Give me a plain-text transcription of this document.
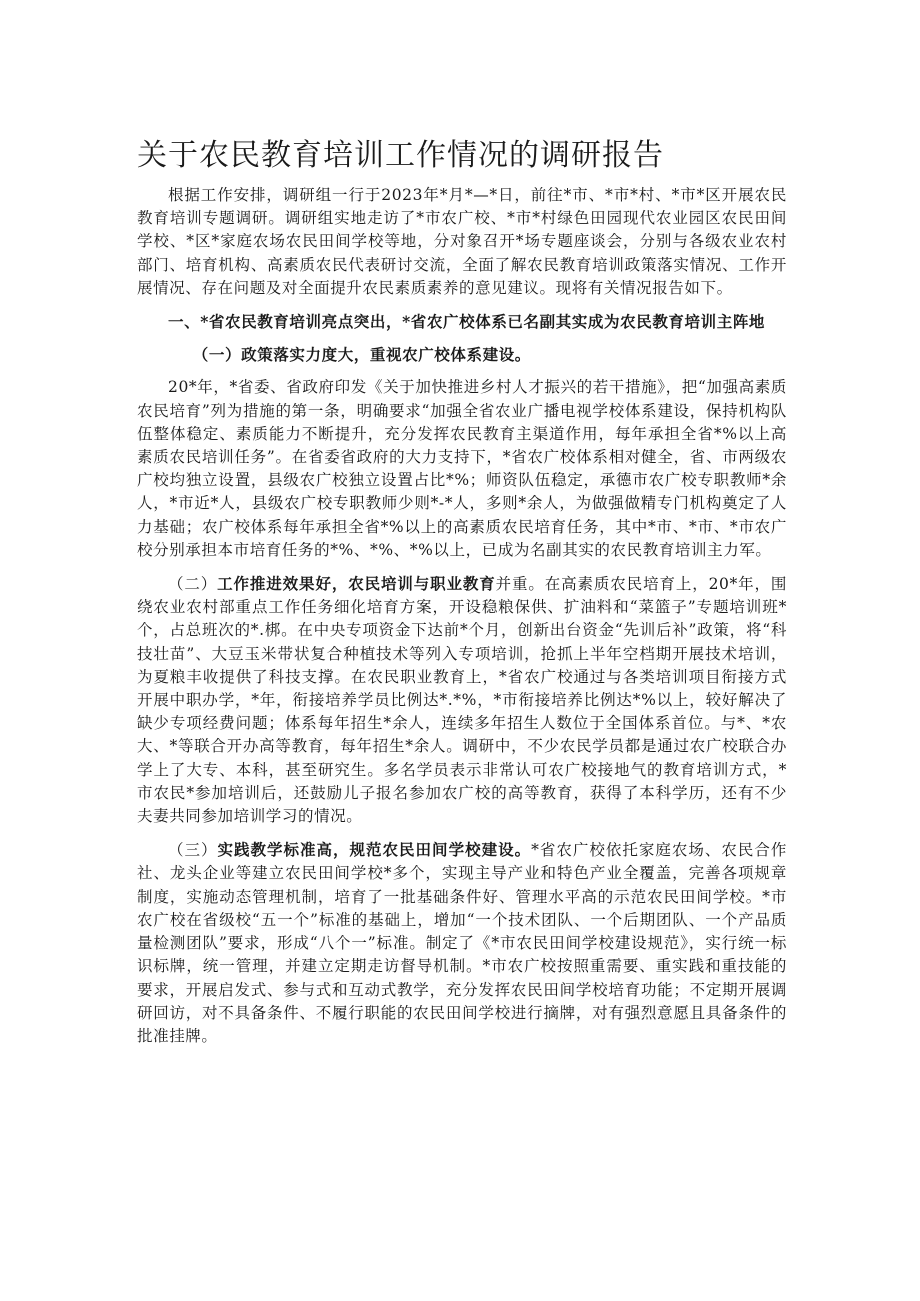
关于农民教育培训工作情况的调研报告

根据工作安排，调研组一行于2023年*月*—*日，前往*市、*市*村、*市*区开展农民教育培训专题调研。调研组实地走访了*市农广校、*市*村绿色田园现代农业园区农民田间学校、*区*家庭农场农民田间学校等地，分对象召开*场专题座谈会，分别与各级农业农村部门、培育机构、高素质农民代表研讨交流，全面了解农民教育培训政策落实情况、工作开展情况、存在问题及对全面提升农民素质素养的意见建议。现将有关情况报告如下。

一、*省农民教育培训亮点突出，*省农广校体系已名副其实成为农民教育培训主阵地

（一）政策落实力度大，重视农广校体系建设。

20*年，*省委、省政府印发《关于加快推进乡村人才振兴的若干措施》，把“加强高素质农民培育”列为措施的第一条，明确要求“加强全省农业广播电视学校体系建设，保持机构队伍整体稳定、素质能力不断提升，充分发挥农民教育主渠道作用，每年承担全省*%以上高素质农民培训任务”。在省委省政府的大力支持下，*省农广校体系相对健全，省、市两级农广校均独立设置，县级农广校独立设置占比*%；师资队伍稳定，承德市农广校专职教师*余人，*市近*人，县级农广校专职教师少则*-*人，多则*余人，为做强做精专门机构奠定了人力基础；农广校体系每年承担全省*%以上的高素质农民培育任务，其中*市、*市、*市农广校分别承担本市培育任务的*%、*%、*%以上，已成为名副其实的农民教育培训主力军。

（二）工作推进效果好，农民培训与职业教育并重。在高素质农民培育上，20*年，围绕农业农村部重点工作任务细化培育方案，开设稳粮保供、扩油料和“菜篮子”专题培训班*个，占总班次的*.梆。在中央专项资金下达前*个月，创新出台资金“先训后补”政策，将“科技壮苗”、大豆玉米带状复合种植技术等列入专项培训，抢抓上半年空档期开展技术培训，为夏粮丰收提供了科技支撑。在农民职业教育上，*省农广校通过与各类培训项目衔接方式开展中职办学，*年，衔接培养学员比例达*.*%，*市衔接培养比例达*%以上，较好解决了缺少专项经费问题；体系每年招生*余人，连续多年招生人数位于全国体系首位。与*、*农大、*等联合开办高等教育，每年招生*余人。调研中，不少农民学员都是通过农广校联合办学上了大专、本科，甚至研究生。多名学员表示非常认可农广校接地气的教育培训方式，*市农民*参加培训后，还鼓励儿子报名参加农广校的高等教育，获得了本科学历，还有不少夫妻共同参加培训学习的情况。

（三）实践教学标准高，规范农民田间学校建设。*省农广校依托家庭农场、农民合作社、龙头企业等建立农民田间学校*多个，实现主导产业和特色产业全覆盖，完善各项规章制度，实施动态管理机制，培育了一批基础条件好、管理水平高的示范农民田间学校。*市农广校在省级校“五一个”标准的基础上，增加“一个技术团队、一个后期团队、一个产品质量检测团队”要求，形成“八个一”标准。制定了《*市农民田间学校建设规范》，实行统一标识标牌，统一管理，并建立定期走访督导机制。*市农广校按照重需要、重实践和重技能的要求，开展启发式、参与式和互动式教学，充分发挥农民田间学校培育功能；不定期开展调研回访，对不具备条件、不履行职能的农民田间学校进行摘牌，对有强烈意愿且具备条件的批准挂牌。
